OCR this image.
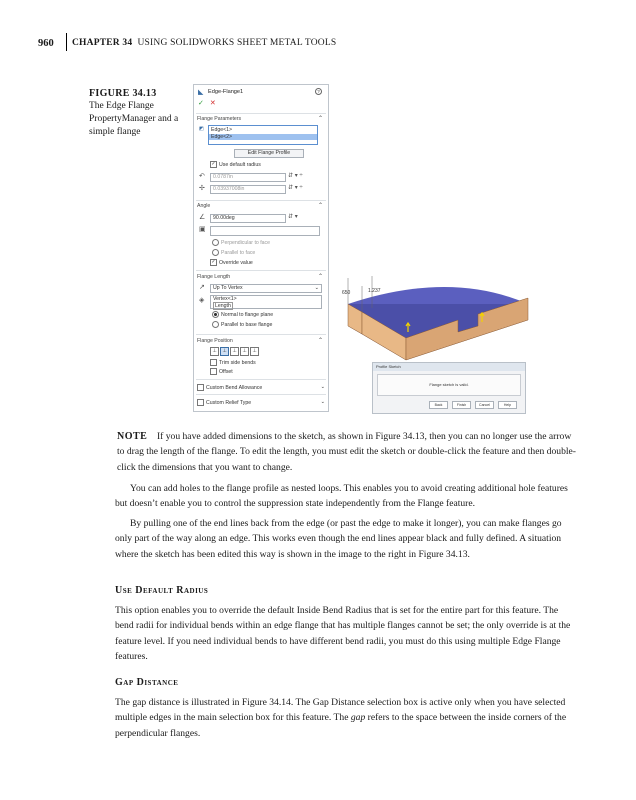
960 CHAPTER 34 USING SOLIDWORKS SHEET METAL TOOLS
FIGURE 34.13
The Edge Flange PropertyManager and a simple flange
◣ Edge-Flange1	?
✓ ✕
Flange Parameters	⌃
Edge<1>
Edge<2>
◩
Edit Flange Profile
✓Use default radius
↶	0.0787in	⇵ ▾ ÷
✢	0.03937008in	⇵ ▾ ÷
Angle	⌃
∠	90.00deg	⇵ ▾
▣
Perpendicular to face
Parallel to face
✓Override value
Flange Length	⌃
↗	Up To Vertex	⌄
◈ Vertex<1>
Length
Normal to flange plane
Parallel to base flange
Flange Position	⌃
⊥ ⊥ ⊥ ⊥ ⊥
Trim side bends
Offset
Custom Bend Allowance	⌄
Custom Relief Type	⌄
650	1.237
Profile Sketch
Flange sketch is valid.
Back	Finish	Cancel	Help
NOTE If you have added dimensions to the sketch, as shown in Figure 34.13, then you can no longer use the arrow to drag the length of the flange. To edit the length, you must edit the sketch or double-click the feature and then double-click the dimensions that you want to change.
You can add holes to the flange profile as nested loops. This enables you to avoid creating additional hole features but doesn’t enable you to control the suppression state independently from the Flange feature.
By pulling one of the end lines back from the edge (or past the edge to make it longer), you can make flanges go only part of the way along an edge. This works even though the end lines appear black and fully defined. A situation where the sketch has been edited this way is shown in the image to the right in Figure 34.13.
Use Default Radius
This option enables you to override the default Inside Bend Radius that is set for the entire part for this feature. The bend radii for individual bends within an edge flange that has multiple flanges cannot be set; the only override is at the feature level. If you need individual bends to have different bend radii, you must do this using multiple Edge Flange features.
Gap Distance
The gap distance is illustrated in Figure 34.14. The Gap Distance selection box is active only when you have selected multiple edges in the main selection box for this feature. The gap refers to the space between the inside corners of the perpendicular flanges.
